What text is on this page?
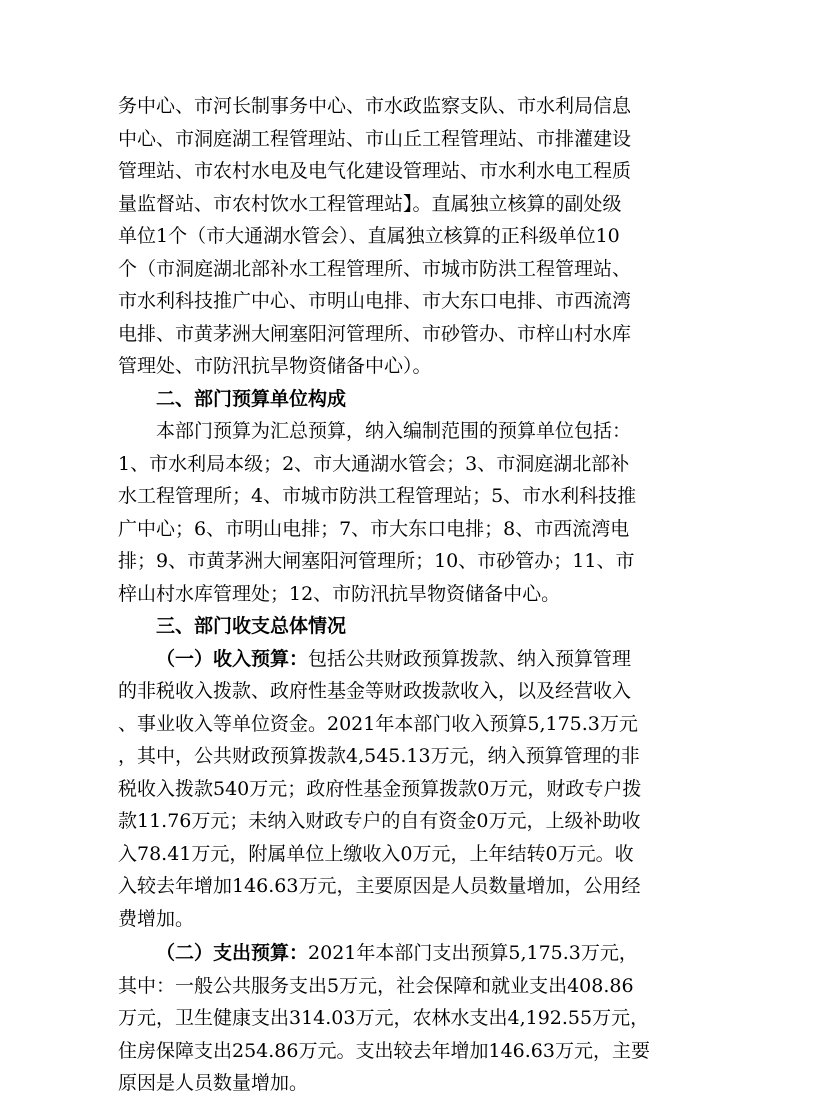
务中心、市河长制事务中心、市水政监察支队、市水利局信息
中心、市洞庭湖工程管理站、市山丘工程管理站、市排灌建设
管理站、市农村水电及电气化建设管理站、市水利水电工程质
量监督站、市农村饮水工程管理站】。直属独立核算的副处级
单位1个（市大通湖水管会）、直属独立核算的正科级单位10
个（市洞庭湖北部补水工程管理所、市城市防洪工程管理站、
市水利科技推广中心、市明山电排、市大东口电排、市西流湾
电排、市黄茅洲大闸塞阳河管理所、市砂管办、市梓山村水库
管理处、市防汛抗旱物资储备中心）。
二、部门预算单位构成
本部门预算为汇总预算，纳入编制范围的预算单位包括：
1、市水利局本级；2、市大通湖水管会；3、市洞庭湖北部补
水工程管理所；4、市城市防洪工程管理站；5、市水利科技推
广中心；6、市明山电排；7、市大东口电排；8、市西流湾电
排；9、市黄茅洲大闸塞阳河管理所；10、市砂管办；11、市
梓山村水库管理处；12、市防汛抗旱物资储备中心。
三、部门收支总体情况
（一）收入预算：包括公共财政预算拨款、纳入预算管理
的非税收入拨款、政府性基金等财政拨款收入，以及经营收入
、事业收入等单位资金。2021年本部门收入预算5,175.3万元
，其中，公共财政预算拨款4,545.13万元，纳入预算管理的非
税收入拨款540万元；政府性基金预算拨款0万元，财政专户拨
款11.76万元；未纳入财政专户的自有资金0万元，上级补助收
入78.41万元，附属单位上缴收入0万元，上年结转0万元。收
入较去年增加146.63万元，主要原因是人员数量增加，公用经
费增加。
（二）支出预算：2021年本部门支出预算5,175.3万元，
其中：一般公共服务支出5万元，社会保障和就业支出408.86
万元，卫生健康支出314.03万元，农林水支出4,192.55万元，
住房保障支出254.86万元。支出较去年增加146.63万元，主要
原因是人员数量增加。
